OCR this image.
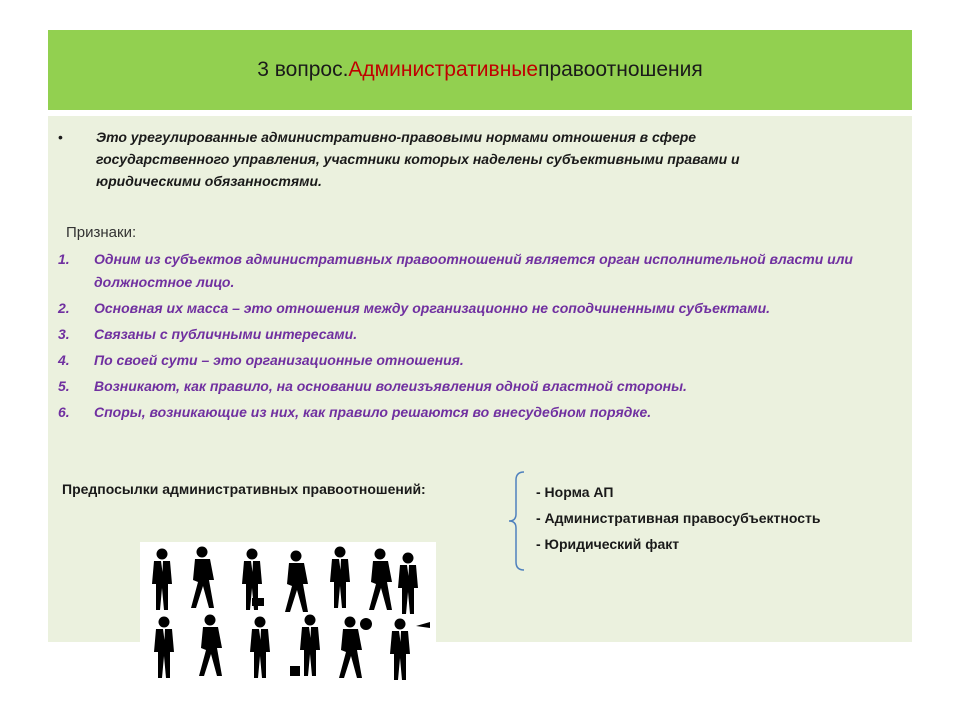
3 вопрос. Административные правоотношения
• Это урегулированные административно-правовыми нормами отношения в сфере государственного управления, участники которых наделены субъективными правами и юридическими обязанностями.
Признаки:
1. Одним из субъектов административных правоотношений является орган исполнительной власти или должностное лицо.
2. Основная их масса – это отношения между организационно не соподчиненными субъектами.
3. Связаны с публичными интересами.
4. По своей сути – это организационные отношения.
5. Возникают, как правило, на основании волеизъявления одной властной стороны.
6. Споры, возникающие из них, как правило решаются во внесудебном порядке.
Предпосылки административных правоотношений:	- Норма АП
- Административная правосубъектность
- Юридический факт
